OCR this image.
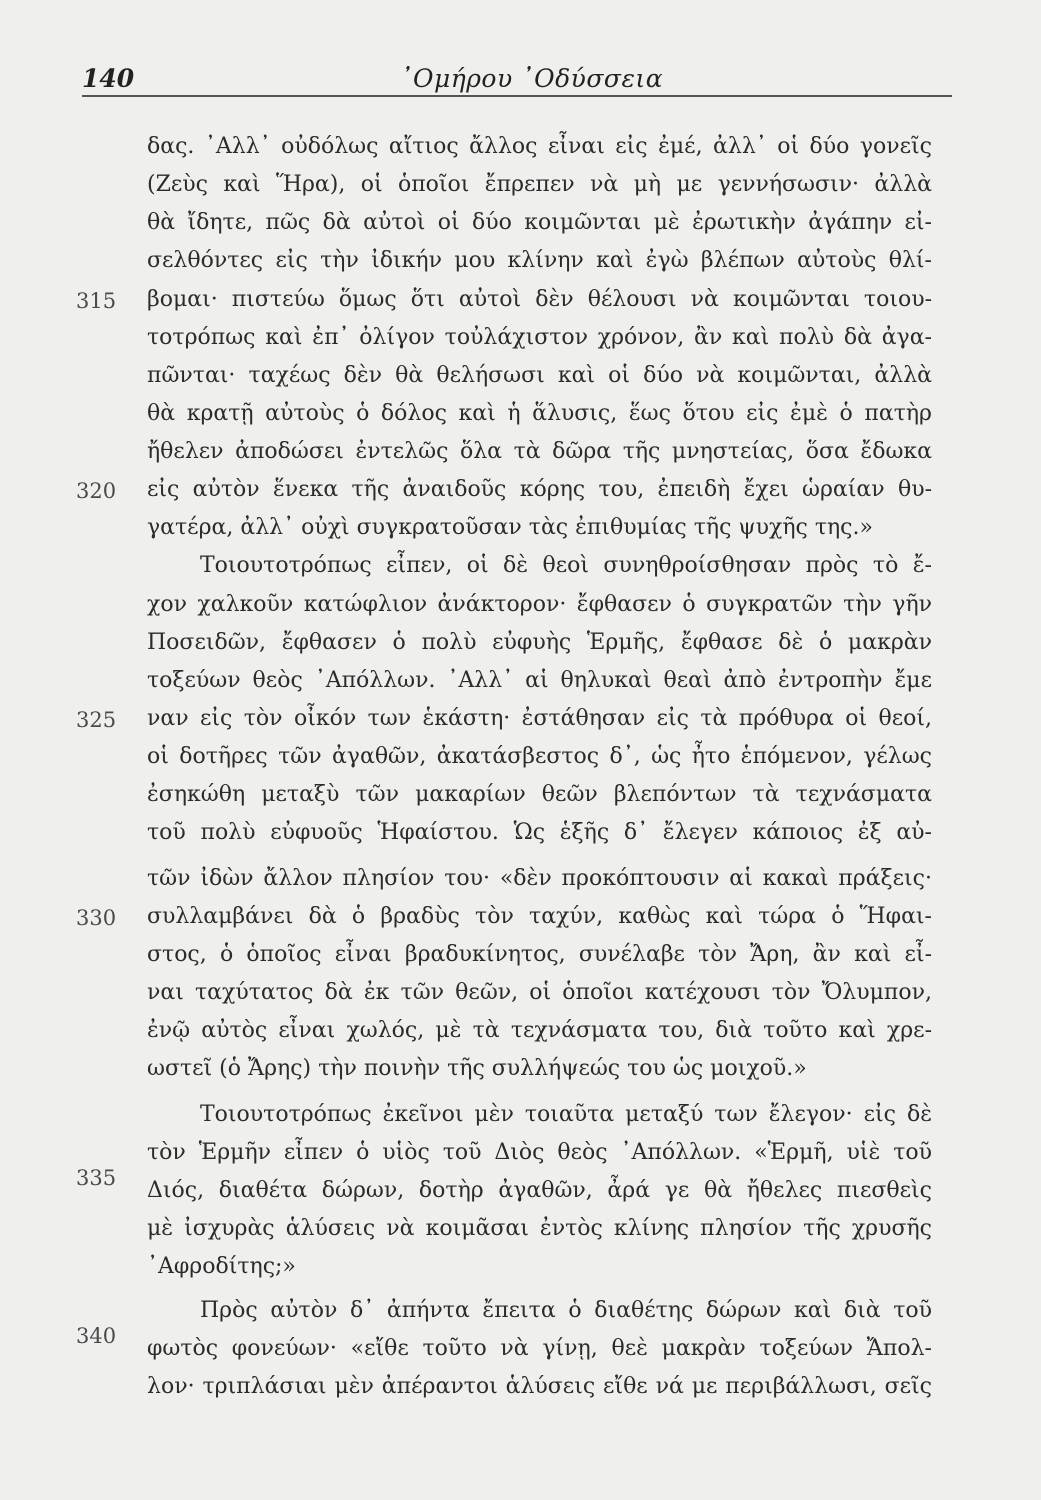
140	᾿Ομήρου ᾿Οδύσσεια
δας. ᾿Αλλ᾿ οὐδόλως αἴτιος ἄλλος εἶναι εἰς ἐμέ, ἀλλ᾿ οἱ δύο γονεῖς
(Ζεὺς καὶ Ἥρα), οἱ ὁποῖοι ἔπρεπεν νὰ μὴ με γεννήσωσιν· ἀλλὰ
θὰ ἴδητε, πῶς δὰ αὐτοὶ οἱ δύο κοιμῶνται μὲ ἐρωτικὴν ἀγάπην εἰ-
σελθόντες εἰς τὴν ἰδικήν μου κλίνην καὶ ἐγὼ βλέπων αὐτοὺς θλί-
βομαι· πιστεύω ὅμως ὅτι αὐτοὶ δὲν θέλουσι νὰ κοιμῶνται τοιου-
τοτρόπως καὶ ἐπ᾿ ὀλίγον τοὐλάχιστον χρόνον, ἂν καὶ πολὺ δὰ ἀγα-
πῶνται· ταχέως δὲν θὰ θελήσωσι καὶ οἱ δύο νὰ κοιμῶνται, ἀλλὰ
θὰ κρατῇ αὐτοὺς ὁ δόλος καὶ ἡ ἅλυσις, ἕως ὅτου εἰς ἐμὲ ὁ πατὴρ
ἤθελεν ἀποδώσει ἐντελῶς ὅλα τὰ δῶρα τῆς μνηστείας, ὅσα ἔδωκα
εἰς αὐτὸν ἕνεκα τῆς ἀναιδοῦς κόρης του, ἐπειδὴ ἔχει ὡραίαν θυ-
γατέρα, ἀλλ᾿ οὐχὶ συγκρατοῦσαν τὰς ἐπιθυμίας τῆς ψυχῆς της.»
Τοιουτοτρόπως εἶπεν, οἱ δὲ θεοὶ συνηθροίσθησαν πρὸς τὸ ἔ-
χον χαλκοῦν κατώφλιον ἀνάκτορον· ἔφθασεν ὁ συγκρατῶν τὴν γῆν
Ποσειδῶν, ἔφθασεν ὁ πολὺ εὐφυὴς Ἑρμῆς, ἔφθασε δὲ ὁ μακρὰν
τοξεύων θεὸς ᾿Απόλλων. ᾿Αλλ᾿ αἱ θηλυκαὶ θεαὶ ἀπὸ ἐντροπὴν ἔμε
ναν εἰς τὸν οἶκόν των ἑκάστη· ἐστάθησαν εἰς τὰ πρόθυρα οἱ θεοί,
οἱ δοτῆρες τῶν ἀγαθῶν, ἀκατάσβεστος δ᾿, ὡς ἦτο ἑπόμενον, γέλως
ἐσηκώθη μεταξὺ τῶν μακαρίων θεῶν βλεπόντων τὰ τεχνάσματα
τοῦ πολὺ εὐφυοῦς Ἡφαίστου. Ὡς ἑξῆς δ᾿ ἔλεγεν κάποιος ἐξ αὐ-
τῶν ἰδὼν ἄλλον πλησίον του· «δὲν προκόπτουσιν αἱ κακαὶ πράξεις·
συλλαμβάνει δὰ ὁ βραδὺς τὸν ταχύν, καθὼς καὶ τώρα ὁ Ἥφαι-
στος, ὁ ὁποῖος εἶναι βραδυκίνητος, συνέλαβε τὸν Ἄρη, ἂν καὶ εἶ-
ναι ταχύτατος δὰ ἐκ τῶν θεῶν, οἱ ὁποῖοι κατέχουσι τὸν Ὄλυμπον,
ἐνῷ αὐτὸς εἶναι χωλός, μὲ τὰ τεχνάσματα του, διὰ τοῦτο καὶ χρε-
ωστεῖ (ὁ Ἄρης) τὴν ποινὴν τῆς συλλήψεώς του ὡς μοιχοῦ.»
Τοιουτοτρόπως ἐκεῖνοι μὲν τοιαῦτα μεταξύ των ἔλεγον· εἰς δὲ
τὸν Ἑρμῆν εἶπεν ὁ υἱὸς τοῦ Διὸς θεὸς ᾿Απόλλων. «Ἑρμῆ, υἱὲ τοῦ
Διός, διαθέτα δώρων, δοτὴρ ἀγαθῶν, ἆρά γε θὰ ἤθελες πιεσθεὶς
μὲ ἰσχυρὰς ἁλύσεις νὰ κοιμᾶσαι ἐντὸς κλίνης πλησίον τῆς χρυσῆς
᾿Αφροδίτης;»
Πρὸς αὐτὸν δ᾿ ἀπήντα ἔπειτα ὁ διαθέτης δώρων καὶ διὰ τοῦ
φωτὸς φονεύων· «εἴθε τοῦτο νὰ γίνῃ, θεὲ μακρὰν τοξεύων Ἄπολ-
λον· τριπλάσιαι μὲν ἀπέραντοι ἁλύσεις εἴθε νά με περιβάλλωσι, σεῖς
315
320
325
330
335
340
